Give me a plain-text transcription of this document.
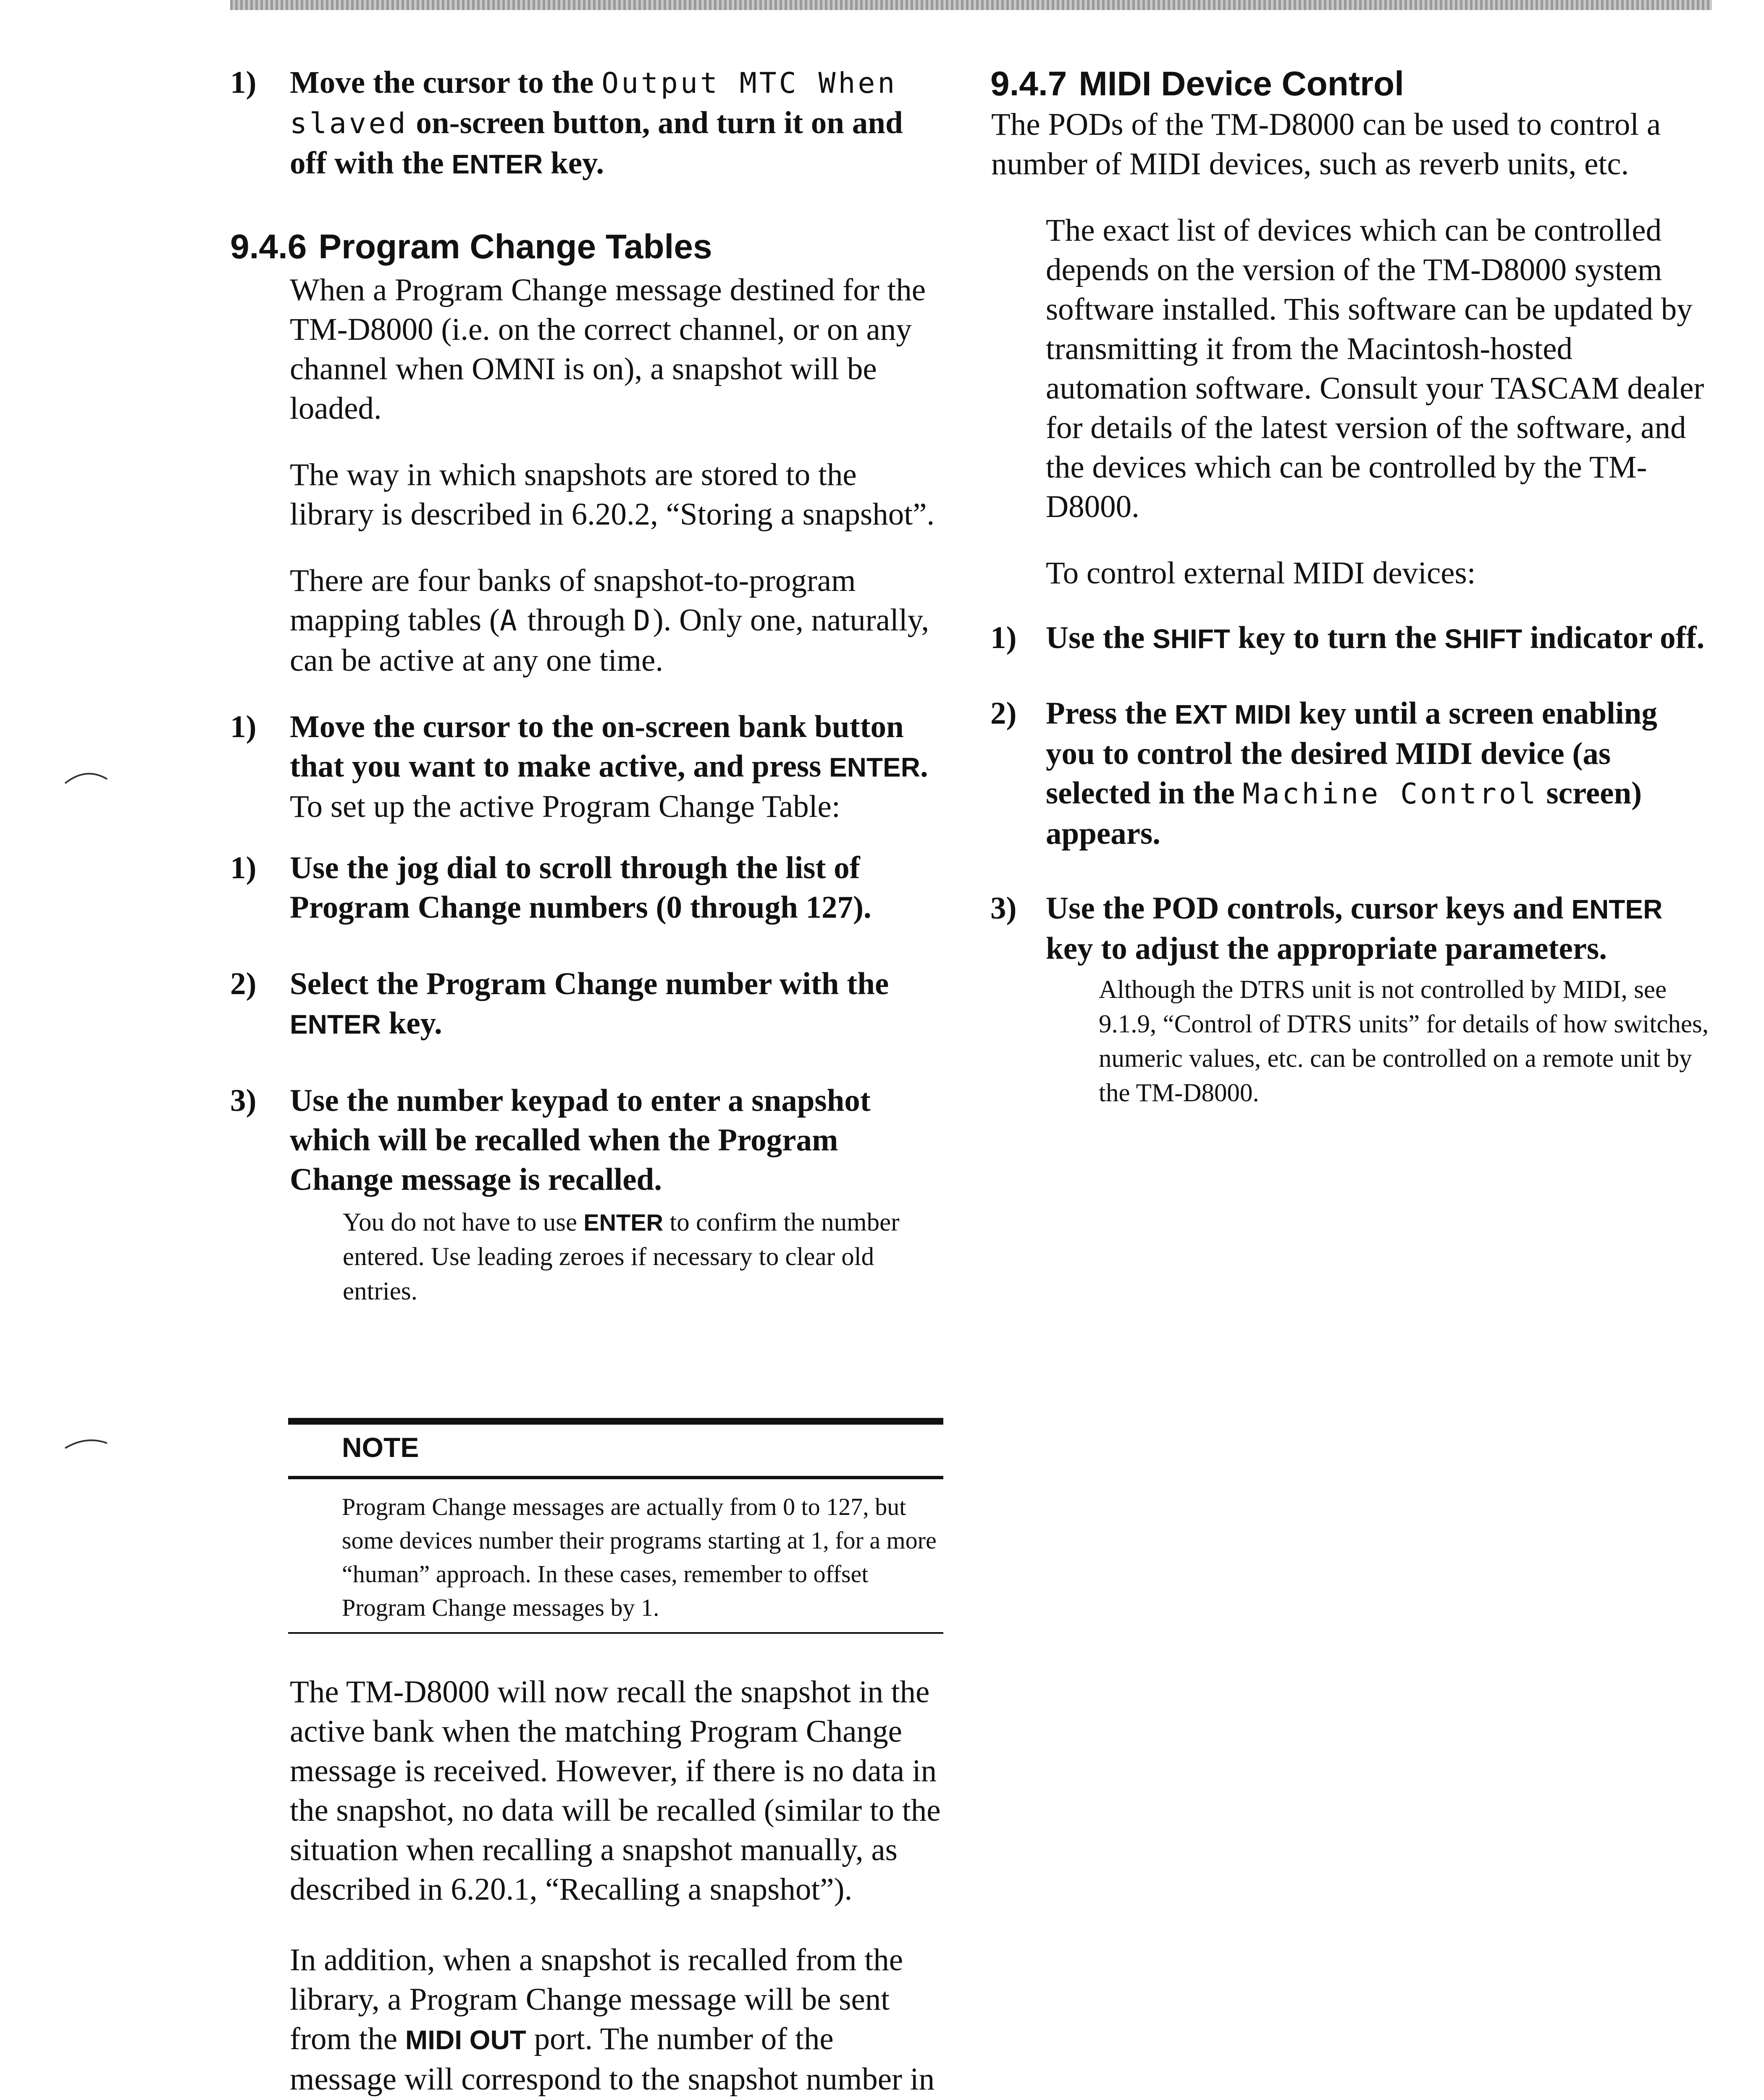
1)	Move the cursor to the Output MTC When slaved on-screen button, and turn it on and off with the ENTER key.
9.4.6 Program Change Tables

When a Program Change message destined for the TM-D8000 (i.e. on the correct channel, or on any channel when OMNI is on), a snapshot will be loaded.

The way in which snapshots are stored to the library is described in 6.20.2, “Storing a snapshot”.

There are four banks of snapshot-to-program mapping tables (A through D). Only one, naturally, can be active at any one time.

1)	Move the cursor to the on-screen bank button that you want to make active, and press ENTER.

To set up the active Program Change Table:

1)	Use the jog dial to scroll through the list of Program Change numbers (0 through 127).
2)	Select the Program Change number with the ENTER key.
3)	Use the number keypad to enter a snapshot which will be recalled when the Program Change message is recalled.

You do not have to use ENTER to confirm the number entered. Use leading zeroes if necessary to clear old entries.

NOTE
Program Change messages are actually from 0 to 127, but some devices number their programs starting at 1, for a more “human” approach. In these cases, remember to offset Program Change messages by 1.

The TM-D8000 will now recall the snapshot in the active bank when the matching Program Change message is received. However, if there is no data in the snapshot, no data will be recalled (similar to the situation when recalling a snapshot manually, as described in 6.20.1, “Recalling a snapshot”).

In addition, when a snapshot is recalled from the library, a Program Change message will be sent from the MIDI OUT port. The number of the message will correspond to the snapshot number in

9.4.7 MIDI Device Control

The PODs of the TM-D8000 can be used to control a number of MIDI devices, such as reverb units, etc.

The exact list of devices which can be controlled depends on the version of the TM-D8000 system software installed. This software can be updated by transmitting it from the Macintosh-hosted automation software. Consult your TASCAM dealer for details of the latest version of the software, and the devices which can be controlled by the TM-D8000.

To control external MIDI devices:

1) Use the SHIFT key to turn the SHIFT indicator off.
2) Press the EXT MIDI key until a screen enabling you to control the desired MIDI device (as selected in the Machine Control screen) appears.
3) Use the POD controls, cursor keys and ENTER key to adjust the appropriate parameters.

Although the DTRS unit is not controlled by MIDI, see 9.1.9, “Control of DTRS units” for details of how switches, numeric values, etc. can be controlled on a remote unit by the TM-D8000.
